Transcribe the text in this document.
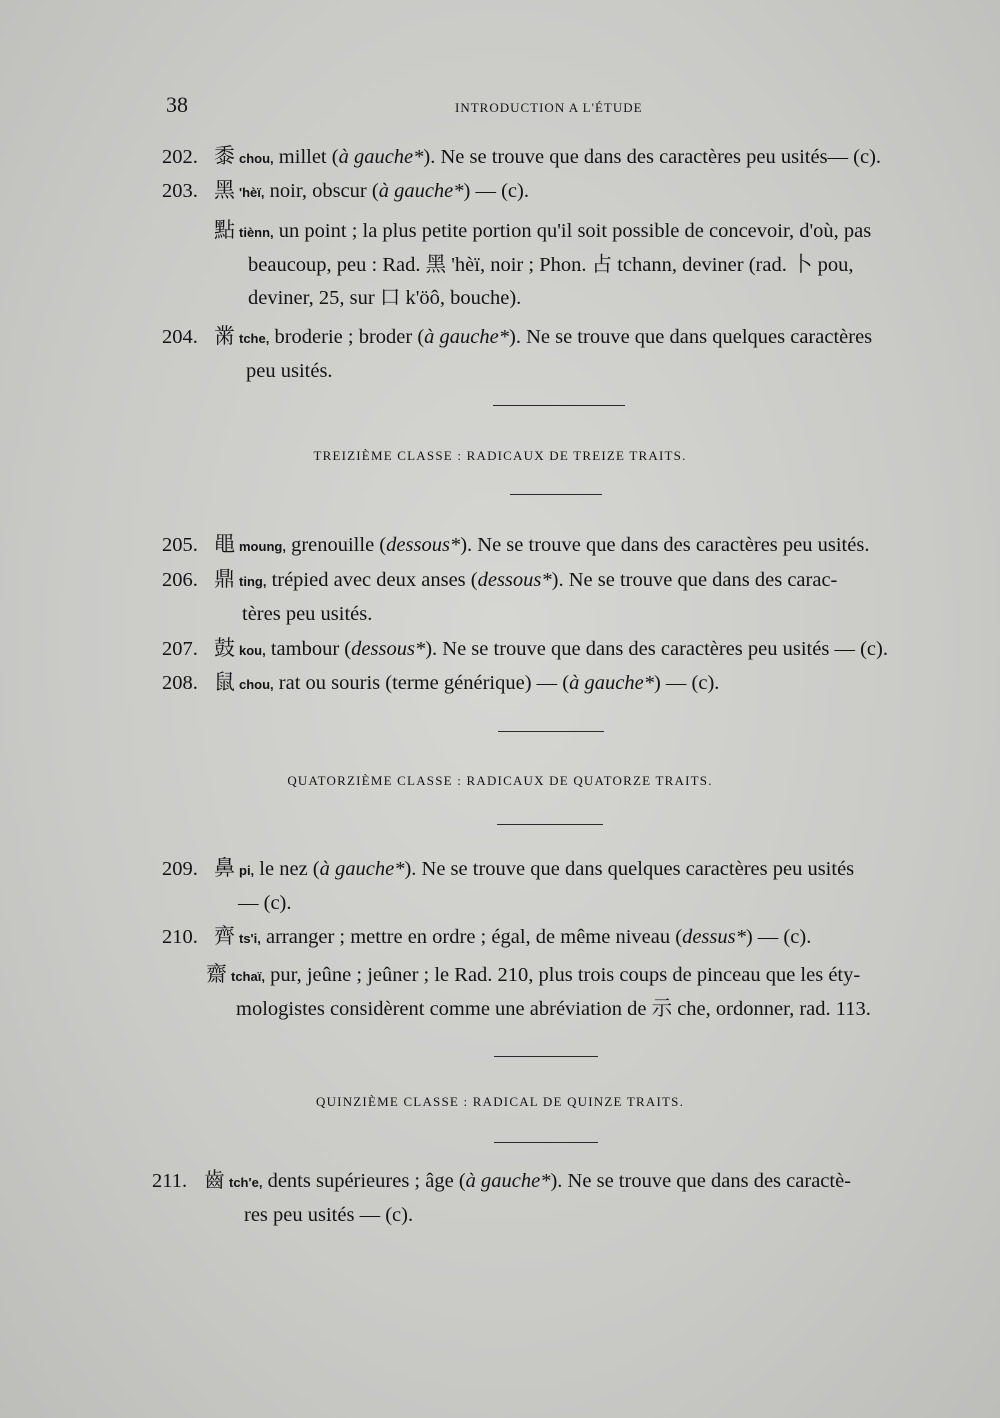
38	INTRODUCTION A L'ÉTUDE
202. 黍 chou, millet (à gauche*). Ne se trouve que dans des caractères peu usités— (c).
203. 黑 'hèï, noir, obscur (à gauche*) — (c).
點tiènn, un point ; la plus petite portion qu'il soit possible de concevoir, d'où, pas
beaucoup, peu : Rad. 黑 'hèï, noir ; Phon. 占 tchann, deviner (rad. 卜 pou,
deviner, 25, sur 口 k'öô, bouche).
204. 黹 tche, broderie ; broder (à gauche*). Ne se trouve que dans quelques caractères
peu usités.
TREIZIÈME CLASSE : RADICAUX DE TREIZE TRAITS.
205. 黽 moung, grenouille (dessous*). Ne se trouve que dans des caractères peu usités.
206. 鼎 ting, trépied avec deux anses (dessous*). Ne se trouve que dans des carac-
tères peu usités.
207. 鼓 kou, tambour (dessous*). Ne se trouve que dans des caractères peu usités — (c).
208. 鼠 chou, rat ou souris (terme générique) — (à gauche*) — (c).
QUATORZIÈME CLASSE : RADICAUX DE QUATORZE TRAITS.
209. 鼻 pi, le nez (à gauche*). Ne se trouve que dans quelques caractères peu usités
— (c).
210. 齊 ts'i, arranger ; mettre en ordre ; égal, de même niveau (dessus*) — (c).
齋tchaï, pur, jeûne ; jeûner ; le Rad. 210, plus trois coups de pinceau que les éty-
mologistes considèrent comme une abréviation de 示 che, ordonner, rad. 113.
QUINZIÈME CLASSE : RADICAL DE QUINZE TRAITS.
211. 齒 tch'e, dents supérieures ; âge (à gauche*). Ne se trouve que dans des caractè-
res peu usités — (c).
